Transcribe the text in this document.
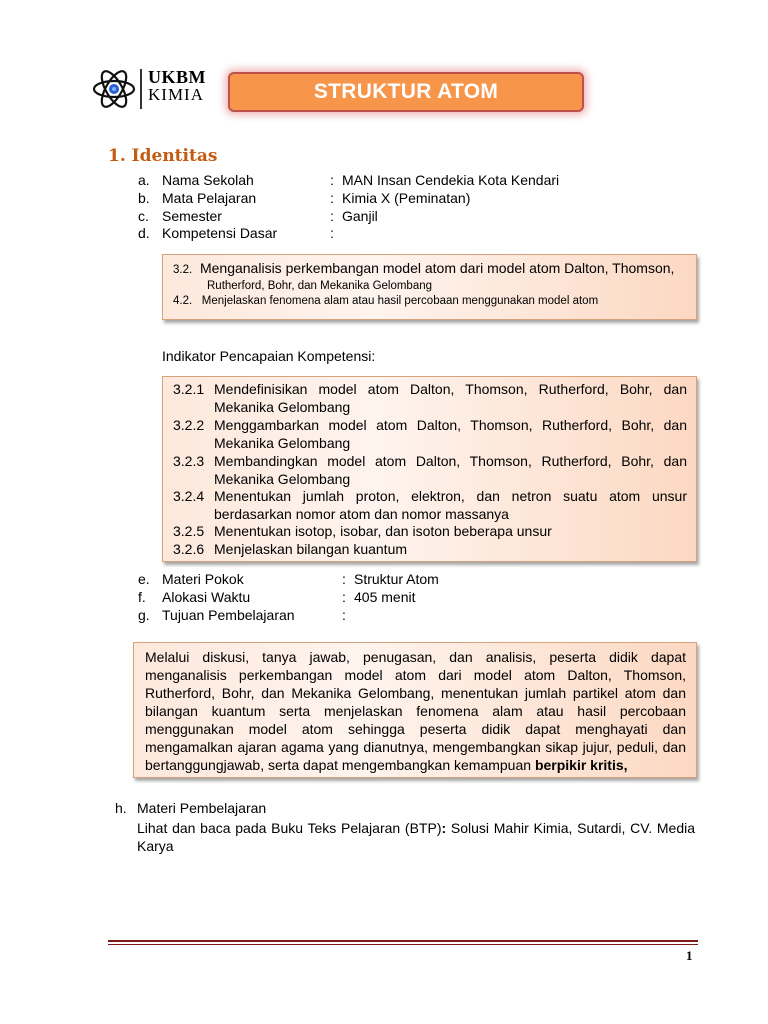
UKBM
KIMIA	STRUKTUR ATOM
1. Identitas
a. Nama Sekolah	: MAN Insan Cendekia Kota Kendari
b. Mata Pelajaran	: Kimia X (Peminatan)
c. Semester	: Ganjil
d. Kompetensi Dasar	:
3.2. Menganalisis perkembangan model atom dari model atom Dalton, Thomson,
Rutherford, Bohr, dan Mekanika Gelombang
4.2. Menjelaskan fenomena alam atau hasil percobaan menggunakan model atom
Indikator Pencapaian Kompetensi:
3.2.1 Mendefinisikan model atom Dalton, Thomson, Rutherford, Bohr, dan Mekanika Gelombang
3.2.2 Menggambarkan model atom Dalton, Thomson, Rutherford, Bohr, dan Mekanika Gelombang
3.2.3 Membandingkan model atom Dalton, Thomson, Rutherford, Bohr, dan Mekanika Gelombang
3.2.4 Menentukan jumlah proton, elektron, dan netron suatu atom unsur berdasarkan nomor atom dan nomor massanya
3.2.5 Menentukan isotop, isobar, dan isoton beberapa unsur
3.2.6 Menjelaskan bilangan kuantum
e. Materi Pokok	: Struktur Atom
f. Alokasi Waktu	: 405 menit
g. Tujuan Pembelajaran	:
Melalui diskusi, tanya jawab, penugasan, dan analisis, peserta didik dapat menganalisis perkembangan model atom dari model atom Dalton, Thomson, Rutherford, Bohr, dan Mekanika Gelombang, menentukan jumlah partikel atom dan bilangan kuantum serta menjelaskan fenomena alam atau hasil percobaan menggunakan model atom sehingga peserta didik dapat menghayati dan mengamalkan ajaran agama yang dianutnya, mengembangkan sikap jujur, peduli, dan bertanggungjawab, serta dapat mengembangkan kemampuan berpikir kritis,
h. Materi Pembelajaran
Lihat dan baca pada Buku Teks Pelajaran (BTP): Solusi Mahir Kimia, Sutardi, CV. Media Karya
1
